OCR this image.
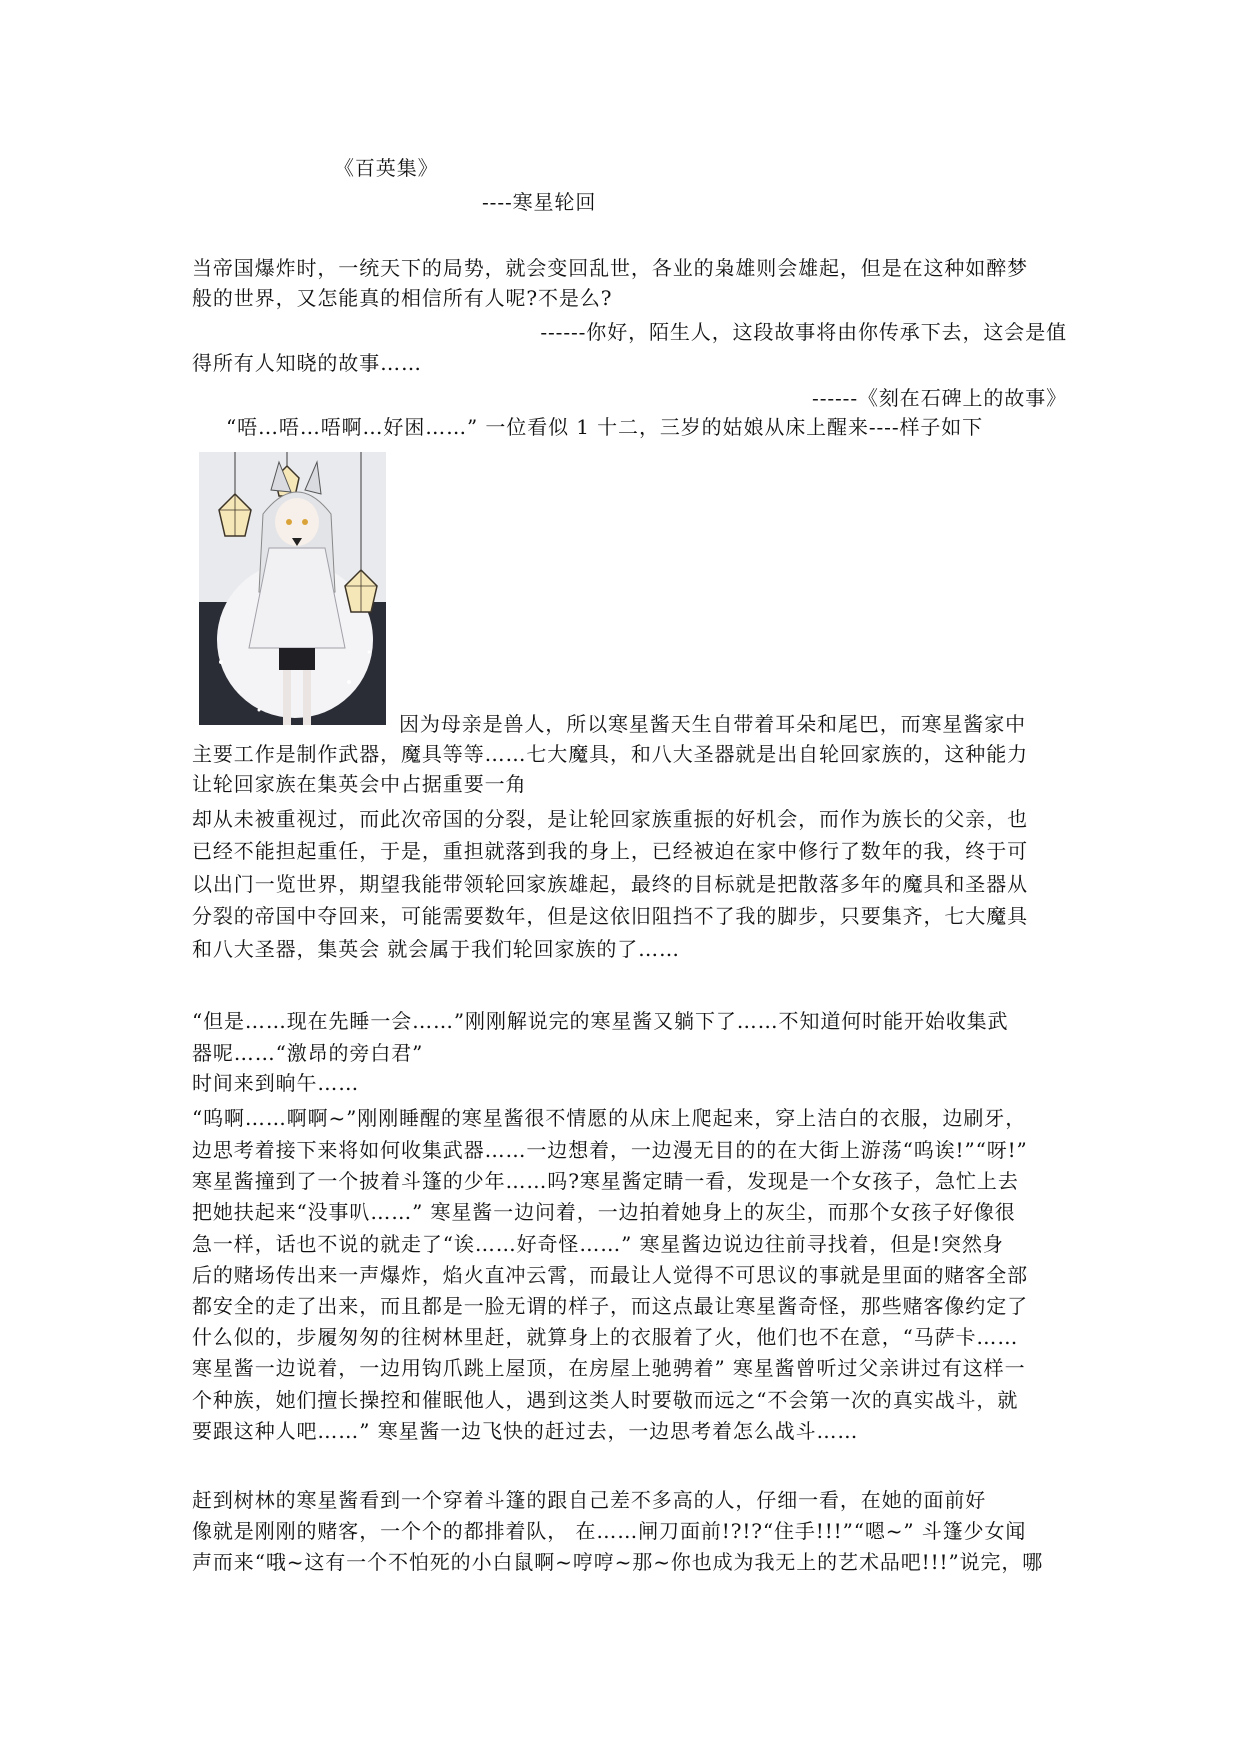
《百英集》
----寒星轮回
当帝国爆炸时，一统天下的局势，就会变回乱世，各业的枭雄则会雄起，但是在这种如醉梦
般的世界，又怎能真的相信所有人呢?不是么?
------你好，陌生人，这段故事将由你传承下去，这会是值
得所有人知晓的故事……
------《刻在石碑上的故事》
“唔…唔…唔啊…好困……” 一位看似 1 十二，三岁的姑娘从床上醒来----样子如下
因为母亲是兽人，所以寒星酱天生自带着耳朵和尾巴，而寒星酱家中
主要工作是制作武器，魔具等等……七大魔具，和八大圣器就是出自轮回家族的，这种能力
让轮回家族在集英会中占据重要一角
却从未被重视过，而此次帝国的分裂，是让轮回家族重振的好机会，而作为族长的父亲，也
已经不能担起重任，于是，重担就落到我的身上，已经被迫在家中修行了数年的我，终于可
以出门一览世界，期望我能带领轮回家族雄起，最终的目标就是把散落多年的魔具和圣器从
分裂的帝国中夺回来，可能需要数年，但是这依旧阻挡不了我的脚步，只要集齐，七大魔具
和八大圣器，集英会 就会属于我们轮回家族的了……
“但是……现在先睡一会……”刚刚解说完的寒星酱又躺下了……不知道何时能开始收集武
器呢……“激昂的旁白君”
时间来到晌午……
“呜啊……啊啊~”刚刚睡醒的寒星酱很不情愿的从床上爬起来，穿上洁白的衣服，边刷牙，
边思考着接下来将如何收集武器……一边想着，一边漫无目的的在大街上游荡“呜诶!”“呀!”
寒星酱撞到了一个披着斗篷的少年……吗?寒星酱定睛一看，发现是一个女孩子，急忙上去
把她扶起来“没事叭……” 寒星酱一边问着，一边拍着她身上的灰尘，而那个女孩子好像很
急一样，话也不说的就走了“诶……好奇怪……” 寒星酱边说边往前寻找着，但是!突然身
后的赌场传出来一声爆炸，焰火直冲云霄，而最让人觉得不可思议的事就是里面的赌客全部
都安全的走了出来，而且都是一脸无谓的样子，而这点最让寒星酱奇怪，那些赌客像约定了
什么似的，步履匆匆的往树林里赶，就算身上的衣服着了火，他们也不在意，“马萨卡……
寒星酱一边说着，一边用钩爪跳上屋顶，在房屋上驰骋着” 寒星酱曾听过父亲讲过有这样一
个种族，她们擅长操控和催眠他人，遇到这类人时要敬而远之“不会第一次的真实战斗，就
要跟这种人吧……” 寒星酱一边飞快的赶过去，一边思考着怎么战斗……
赶到树林的寒星酱看到一个穿着斗篷的跟自己差不多高的人，仔细一看，在她的面前好
像就是刚刚的赌客，一个个的都排着队， 在……闸刀面前!?!?“住手!!!”“嗯~” 斗篷少女闻
声而来“哦~这有一个不怕死的小白鼠啊~哼哼~那~你也成为我无上的艺术品吧!!!”说完，哪
